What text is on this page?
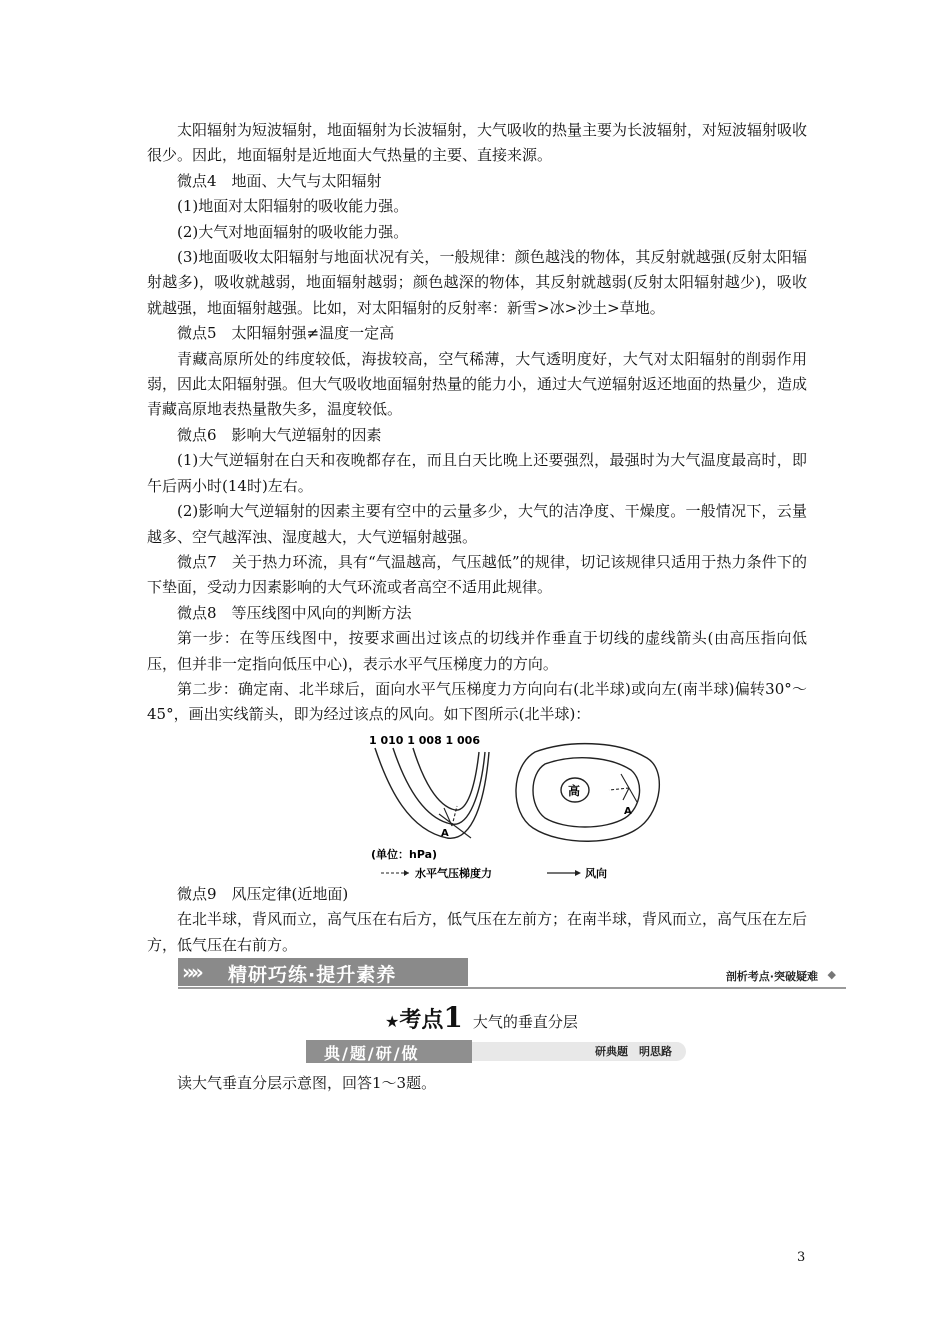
太阳辐射为短波辐射，地面辐射为长波辐射，大气吸收的热量主要为长波辐射，对短波辐射吸收很少。因此，地面辐射是近地面大气热量的主要、直接来源。

微点4　地面、大气与太阳辐射

(1)地面对太阳辐射的吸收能力强。

(2)大气对地面辐射的吸收能力强。

(3)地面吸收太阳辐射与地面状况有关，一般规律：颜色越浅的物体，其反射就越强(反射太阳辐射越多)，吸收就越弱，地面辐射越弱；颜色越深的物体，其反射就越弱(反射太阳辐射越少)，吸收就越强，地面辐射越强。比如，对太阳辐射的反射率：新雪>冰>沙土>草地。

微点5　太阳辐射强≠温度一定高

青藏高原所处的纬度较低，海拔较高，空气稀薄，大气透明度好，大气对太阳辐射的削弱作用弱，因此太阳辐射强。但大气吸收地面辐射热量的能力小，通过大气逆辐射返还地面的热量少，造成青藏高原地表热量散失多，温度较低。

微点6　影响大气逆辐射的因素

(1)大气逆辐射在白天和夜晚都存在，而且白天比晚上还要强烈，最强时为大气温度最高时，即午后两小时(14时)左右。

(2)影响大气逆辐射的因素主要有空中的云量多少，大气的洁净度、干燥度。一般情况下，云量越多、空气越浑浊、湿度越大，大气逆辐射越强。

微点7　关于热力环流，具有“气温越高，气压越低”的规律，切记该规律只适用于热力条件下的下垫面，受动力因素影响的大气环流或者高空不适用此规律。

微点8　等压线图中风向的判断方法

第一步：在等压线图中，按要求画出过该点的切线并作垂直于切线的虚线箭头(由高压指向低压，但并非一定指向低压中心)，表示水平气压梯度力的方向。

第二步：确定南、北半球后，面向水平气压梯度力方向向右(北半球)或向左(南半球)偏转30°～45°，画出实线箭头，即为经过该点的风向。如下图所示(北半球)：

A
1 010 1 008 1 006
高
A
(单位：hPa)
水平气压梯度力	风向

微点9　风压定律(近地面)

在北半球，背风而立，高气压在右后方，低气压在左前方；在南半球，背风而立，高气压在左后方，低气压在右前方。

»» 精研巧练·提升素养	剖析考点·突破疑难 ◆
★考点1 大气的垂直分层
典/题/研/做	研典题　明思路
读大气垂直分层示意图，回答1～3题。
3
